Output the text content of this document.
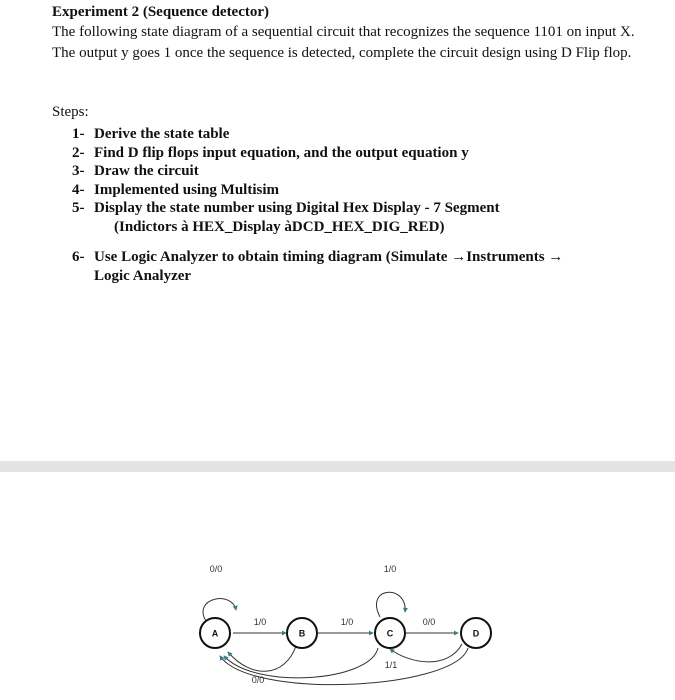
Experiment 2 (Sequence detector)
The following state diagram of a sequential circuit that recognizes the sequence 1101 on input X. The output y goes 1 once the sequence is detected, complete the circuit design using D Flip flop.
Steps:
1- Derive the state table
2- Find D flip flops input equation, and the output equation y
3- Draw the circuit
4- Implemented using Multisim
5- Display the state number using Digital Hex Display - 7 Segment
(Indictors à HEX_Display àDCD_HEX_DIG_RED)
6- Use Logic Analyzer to obtain timing diagram (Simulate →Instruments →
Logic Analyzer
A	B	C	D
0/0
1/0	1/0
1/0
0/0
1/1
0/0
